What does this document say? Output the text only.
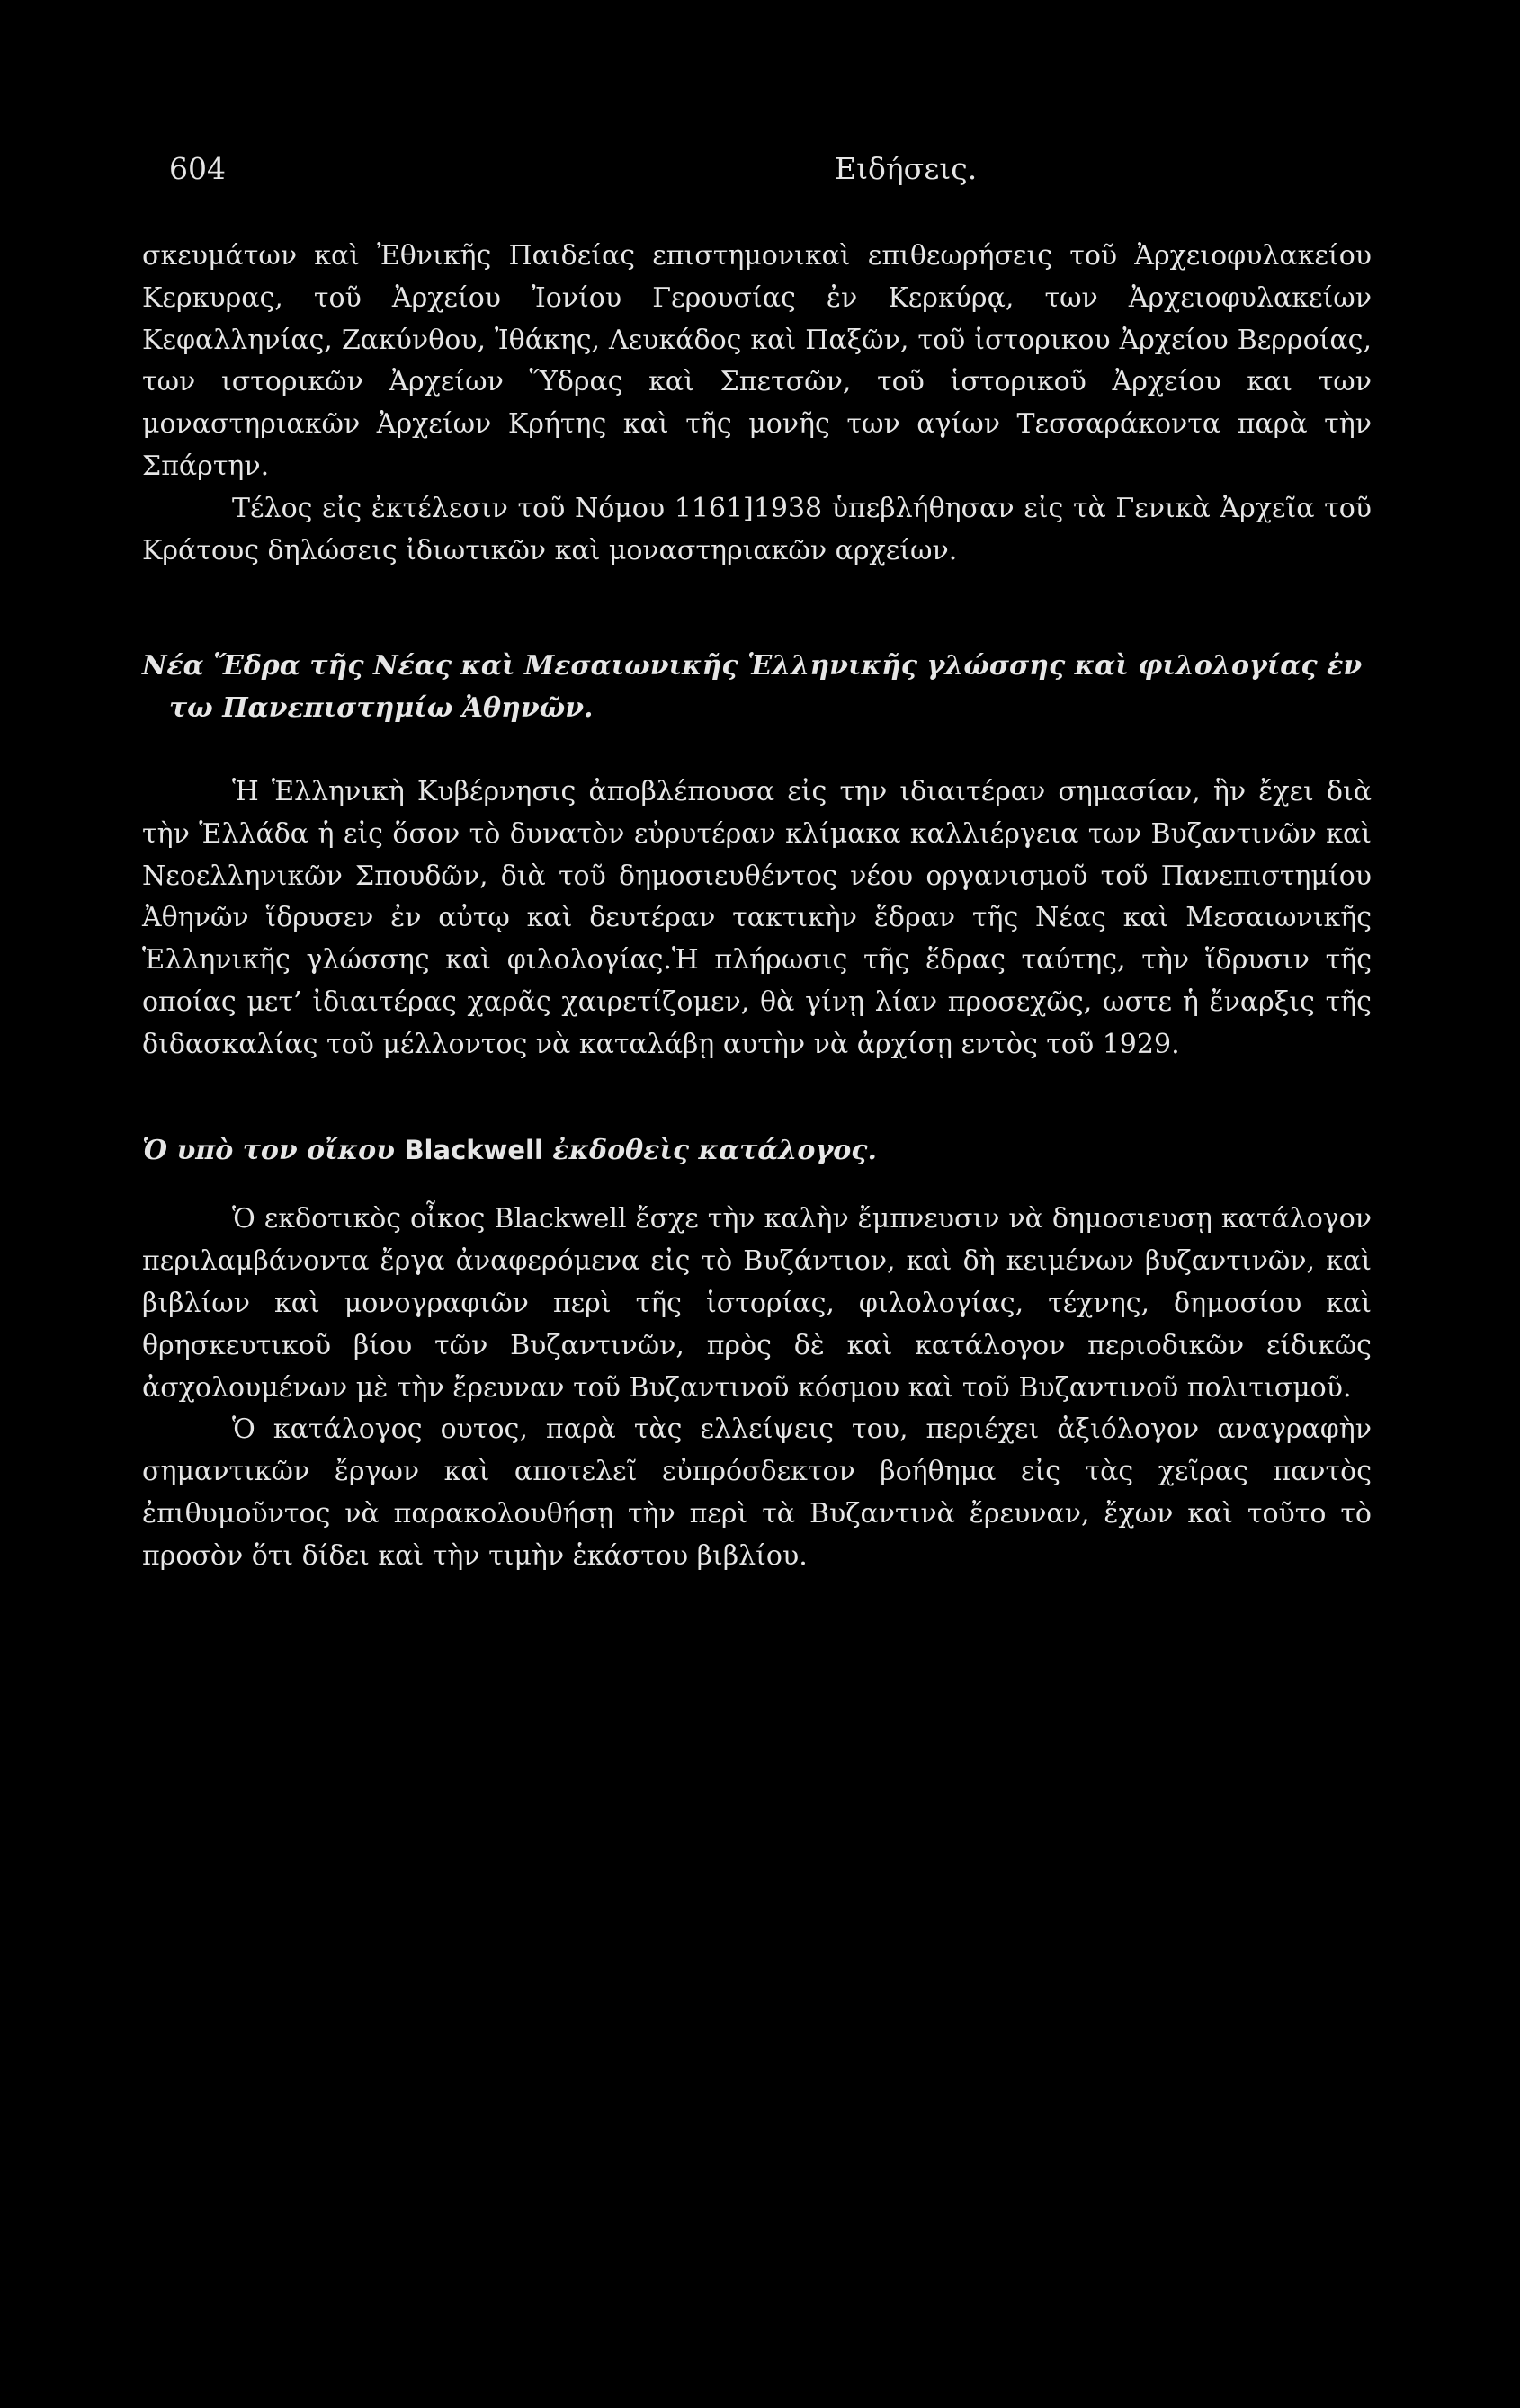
604	Ειδήσεις.

σκευμάτων καὶ Ἐθνικῆς Παιδείας επιστημονικαὶ επιθεωρήσεις τοῦ Ἀρχειοφυλακείου Κερκυρας, τοῦ Ἀρχείου Ἰονίου Γερουσίας ἐν Κερκύρᾳ, των Ἀρχειοφυλακείων Κεφαλληνίας, Ζακύνθου, Ἰθάκης, Λευκάδος καὶ Παξῶν, τοῦ ἱστορικου Ἀρχείου Βερροίας, των ιστορικῶν Ἀρχείων Ὕδρας καὶ Σπετσῶν, τοῦ ἱστορικοῦ Ἀρχείου και των μοναστηριακῶν Ἀρχείων Κρήτης καὶ τῆς μονῆς των αγίων Τεσσαράκοντα παρὰ τὴν Σπάρτην.

Τέλος εἰς ἐκτέλεσιν τοῦ Νόμου 1161]1938 ὑπεβλήθησαν εἰς τὰ Γενικὰ Ἀρχεῖα τοῦ Κράτους δηλώσεις ἰδιωτικῶν καὶ μοναστηριακῶν αρχείων.

Νέα Ἕδρα τῆς Νέας καὶ Μεσαιωνικῆς Ἑλληνικῆς γλώσσης καὶ φιλολογίας ἐν
τω Πανεπιστημίω Ἀθηνῶν.

Ἡ Ἑλληνικὴ Κυβέρνησις ἀποβλέπουσα εἰς την ιδιαιτέραν σημασίαν, ἣν ἔχει διὰ τὴν Ἑλλάδα ἡ εἰς ὅσον τὸ δυνατὸν εὐρυτέραν κλίμακα καλλιέργεια των Βυζαντινῶν καὶ Νεοελληνικῶν Σπουδῶν, διὰ τοῦ δημοσιευθέντος νέου οργανισμοῦ τοῦ Πανεπιστημίου Ἀθηνῶν ἵδρυσεν ἐν αὐτῳ καὶ δευτέραν τακτικὴν ἕδραν τῆς Νέας καὶ Μεσαιωνικῆς Ἑλληνικῆς γλώσσης καὶ φιλολογίας.Ἡ πλήρωσις τῆς ἕδρας ταύτης, τὴν ἵδρυσιν τῆς οποίας μετ’ ἰδιαιτέρας χαρᾶς χαιρετίζομεν, θὰ γίνῃ λίαν προσεχῶς, ωστε ἡ ἔναρξις τῆς διδασκαλίας τοῦ μέλλοντος νὰ καταλάβῃ αυτὴν νὰ ἀρχίσῃ εντὸς τοῦ 1929.

Ὁ υπὸ τον οἴκου Blackwell ἐκδοθεὶς κατάλογος.

Ὁ εκδοτικὸς οἶκος Blackwell ἔσχε τὴν καλὴν ἔμπνευσιν νὰ δημοσιευσῃ κατάλογον περιλαμβάνοντα ἔργα ἀναφερόμενα εἰς τὸ Βυζάντιον, καὶ δὴ κειμένων βυζαντινῶν, καὶ βιβλίων καὶ μονογραφιῶν περὶ τῆς ἱστορίας, φιλολογίας, τέχνης, δημοσίου καὶ θρησκευτικοῦ βίου τῶν Βυζαντινῶν, πρὸς δὲ καὶ κατάλογον περιοδικῶν είδικῶς ἀσχολουμένων μὲ τὴν ἔρευναν τοῦ Βυζαντινοῦ κόσμου καὶ τοῦ Βυζαντινοῦ πολιτισμοῦ.

Ὁ κατάλογος ουτος, παρὰ τὰς ελλείψεις του, περιέχει ἀξιόλογον αναγραφὴν σημαντικῶν ἔργων καὶ αποτελεῖ εὐπρόσδεκτον βοήθημα εἰς τὰς χεῖρας παντὸς ἐπιθυμοῦντος νὰ παρακολουθήσῃ τὴν περὶ τὰ Βυζαντινὰ ἔρευναν, ἔχων καὶ τοῦτο τὸ προσὸν ὅτι δίδει καὶ τὴν τιμὴν ἑκάστου βιβλίου.
